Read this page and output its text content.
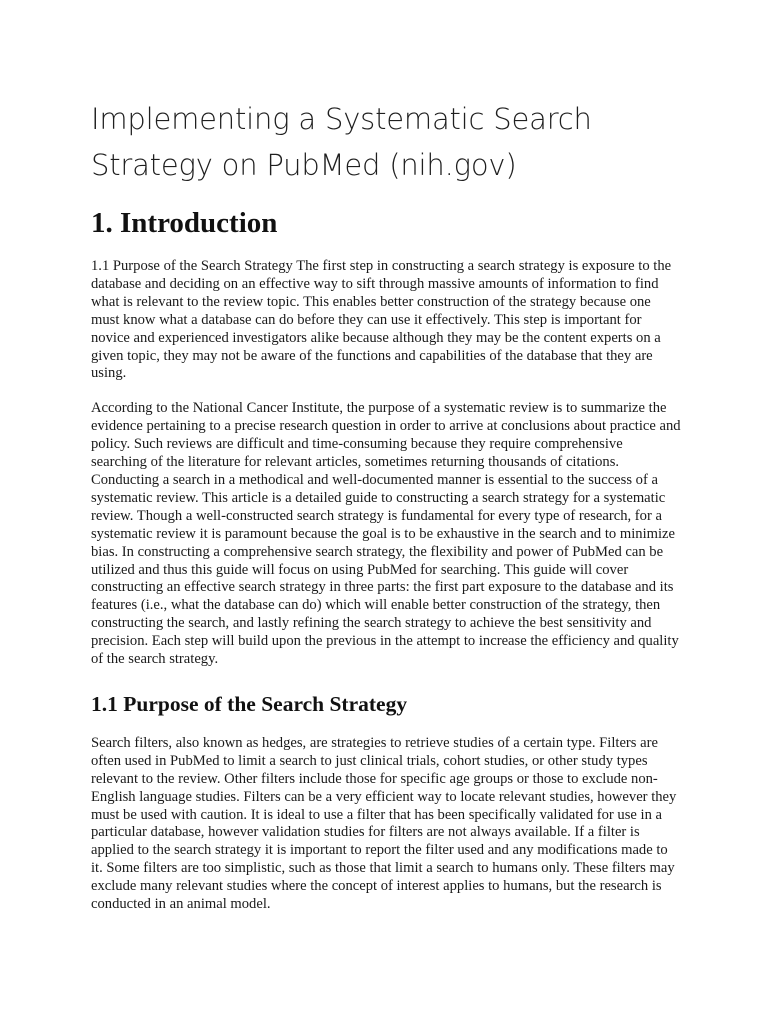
Implementing a Systematic Search Strategy on PubMed (nih.gov)
1. Introduction

1.1 Purpose of the Search Strategy The first step in constructing a search strategy is exposure to the database and deciding on an effective way to sift through massive amounts of information to find what is relevant to the review topic. This enables better construction of the strategy because one must know what a database can do before they can use it effectively. This step is important for novice and experienced investigators alike because although they may be the content experts on a given topic, they may not be aware of the functions and capabilities of the database that they are using.

According to the National Cancer Institute, the purpose of a systematic review is to summarize the evidence pertaining to a precise research question in order to arrive at conclusions about practice and policy. Such reviews are difficult and time-consuming because they require comprehensive searching of the literature for relevant articles, sometimes returning thousands of citations. Conducting a search in a methodical and well-documented manner is essential to the success of a systematic review. This article is a detailed guide to constructing a search strategy for a systematic review. Though a well-constructed search strategy is fundamental for every type of research, for a systematic review it is paramount because the goal is to be exhaustive in the search and to minimize bias. In constructing a comprehensive search strategy, the flexibility and power of PubMed can be utilized and thus this guide will focus on using PubMed for searching. This guide will cover constructing an effective search strategy in three parts: the first part exposure to the database and its features (i.e., what the database can do) which will enable better construction of the strategy, then constructing the search, and lastly refining the search strategy to achieve the best sensitivity and precision. Each step will build upon the previous in the attempt to increase the efficiency and quality of the search strategy.

1.1 Purpose of the Search Strategy

Search filters, also known as hedges, are strategies to retrieve studies of a certain type. Filters are often used in PubMed to limit a search to just clinical trials, cohort studies, or other study types relevant to the review. Other filters include those for specific age groups or those to exclude non-English language studies. Filters can be a very efficient way to locate relevant studies, however they must be used with caution. It is ideal to use a filter that has been specifically validated for use in a particular database, however validation studies for filters are not always available. If a filter is applied to the search strategy it is important to report the filter used and any modifications made to it. Some filters are too simplistic, such as those that limit a search to humans only. These filters may exclude many relevant studies where the concept of interest applies to humans, but the research is conducted in an animal model.
